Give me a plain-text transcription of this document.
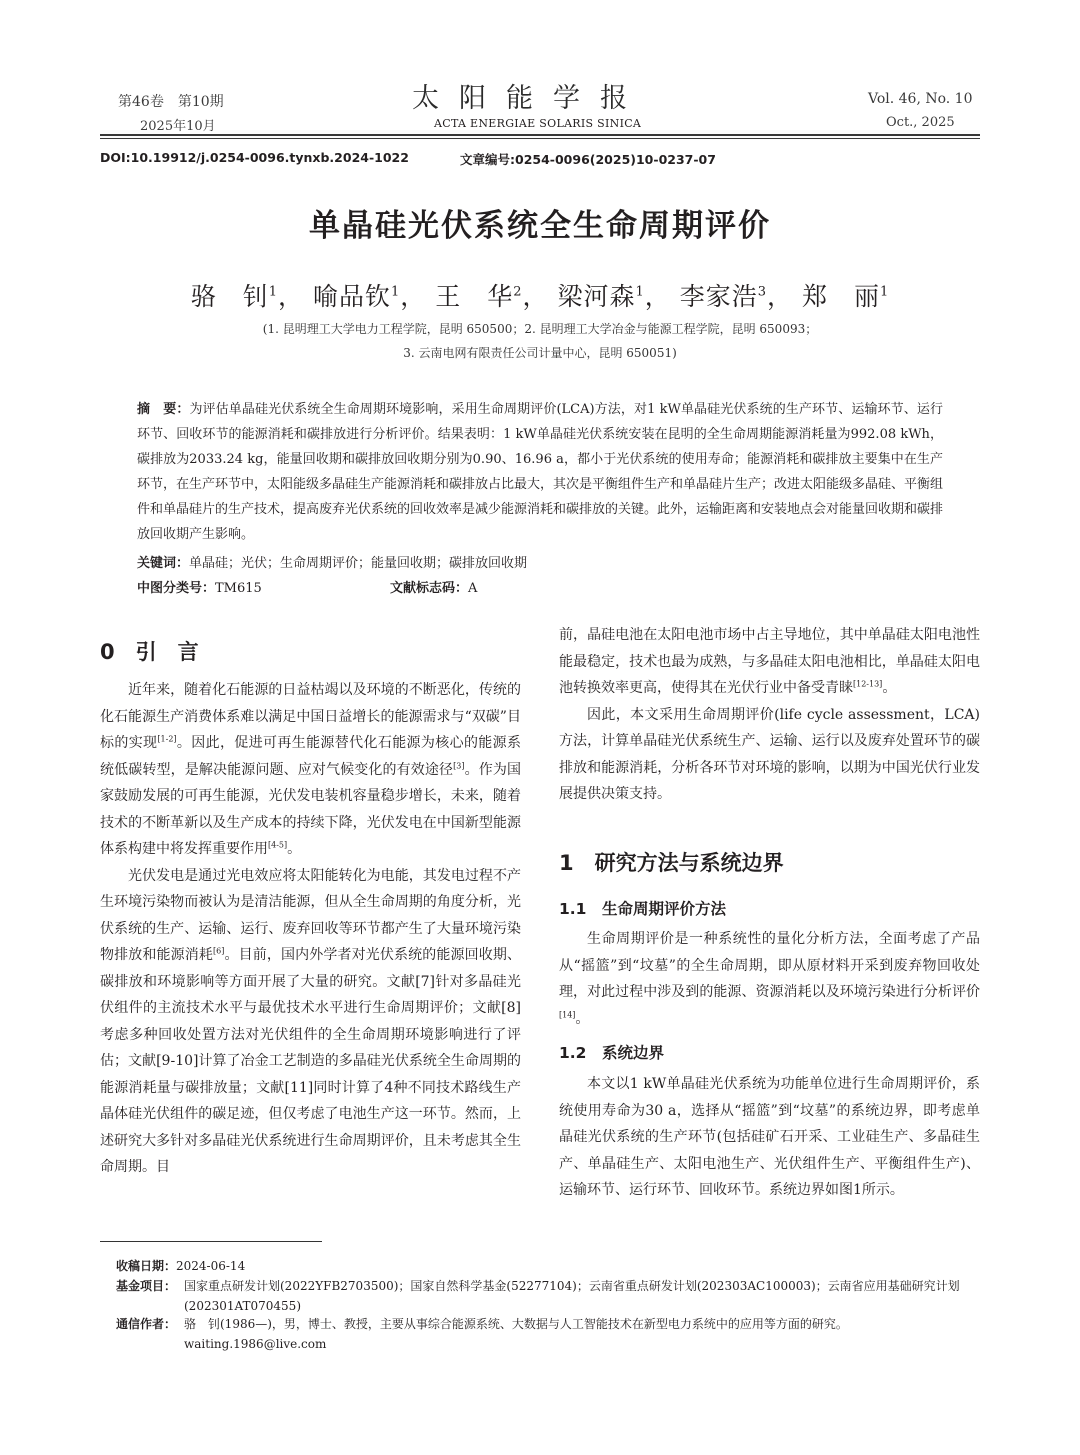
第46卷　第10期
2025年10月
太阳能学报
ACTA ENERGIAE SOLARIS SINICA
Vol. 46, No. 10
Oct., 2025
DOI:10.19912/j.0254-0096.tynxb.2024-1022	文章编号:0254-0096(2025)10-0237-07
单晶硅光伏系统全生命周期评价
骆　钊$^1$， 喻品钦$^1$， 王　华$^2$， 梁河森$^1$， 李家浩$^3$， 郑　丽$^1$
(1. 昆明理工大学电力工程学院，昆明 650500；2. 昆明理工大学冶金与能源工程学院，昆明 650093；
3. 云南电网有限责任公司计量中心，昆明 650051)
摘　要：为评估单晶硅光伏系统全生命周期环境影响，采用生命周期评价(LCA)方法，对1 kW单晶硅光伏系统的生产环节、运输环节、运行环节、回收环节的能源消耗和碳排放进行分析评价。结果表明：1 kW单晶硅光伏系统安装在昆明的全生命周期能源消耗量为992.08 kWh，碳排放为2033.24 kg，能量回收期和碳排放回收期分别为0.90、16.96 a，都小于光伏系统的使用寿命；能源消耗和碳排放主要集中在生产环节，在生产环节中，太阳能级多晶硅生产能源消耗和碳排放占比最大，其次是平衡组件生产和单晶硅片生产；改进太阳能级多晶硅、平衡组件和单晶硅片的生产技术，提高废弃光伏系统的回收效率是减少能源消耗和碳排放的关键。此外，运输距离和安装地点会对能量回收期和碳排放回收期产生影响。
关键词：单晶硅；光伏；生命周期评价；能量回收期；碳排放回收期
中图分类号：TM615	文献标志码：A
0　引　言

近年来，随着化石能源的日益枯竭以及环境的不断恶化，传统的化石能源生产消费体系难以满足中国日益增长的能源需求与“双碳”目标的实现[1-2]。因此，促进可再生能源替代化石能源为核心的能源系统低碳转型，是解决能源问题、应对气候变化的有效途径[3]。作为国家鼓励发展的可再生能源，光伏发电装机容量稳步增长，未来，随着技术的不断革新以及生产成本的持续下降，光伏发电在中国新型能源体系构建中将发挥重要作用[4-5]。

光伏发电是通过光电效应将太阳能转化为电能，其发电过程不产生环境污染物而被认为是清洁能源，但从全生命周期的角度分析，光伏系统的生产、运输、运行、废弃回收等环节都产生了大量环境污染物排放和能源消耗[6]。目前，国内外学者对光伏系统的能源回收期、碳排放和环境影响等方面开展了大量的研究。文献[7]针对多晶硅光伏组件的主流技术水平与最优技术水平进行生命周期评价；文献[8]考虑多种回收处置方法对光伏组件的全生命周期环境影响进行了评估；文献[9-10]计算了冶金工艺制造的多晶硅光伏系统全生命周期的能源消耗量与碳排放量；文献[11]同时计算了4种不同技术路线生产晶体硅光伏组件的碳足迹，但仅考虑了电池生产这一环节。然而，上述研究大多针对多晶硅光伏系统进行生命周期评价，且未考虑其全生命周期。目

前，晶硅电池在太阳电池市场中占主导地位，其中单晶硅太阳电池性能最稳定，技术也最为成熟，与多晶硅太阳电池相比，单晶硅太阳电池转换效率更高，使得其在光伏行业中备受青睐[12-13]。

因此，本文采用生命周期评价(life cycle assessment，LCA)方法，计算单晶硅光伏系统生产、运输、运行以及废弃处置环节的碳排放和能源消耗，分析各环节对环境的影响，以期为中国光伏行业发展提供决策支持。

1　研究方法与系统边界
1.1　生命周期评价方法

生命周期评价是一种系统性的量化分析方法，全面考虑了产品从“摇篮”到“坟墓”的全生命周期，即从原材料开采到废弃物回收处理，对此过程中涉及到的能源、资源消耗以及环境污染进行分析评价[14]。

1.2　系统边界

本文以1 kW单晶硅光伏系统为功能单位进行生命周期评价，系统使用寿命为30 a，选择从“摇篮”到“坟墓”的系统边界，即考虑单晶硅光伏系统的生产环节(包括硅矿石开采、工业硅生产、多晶硅生产、单晶硅生产、太阳电池生产、光伏组件生产、平衡组件生产)、运输环节、运行环节、回收环节。系统边界如图1所示。

收稿日期：2024-06-14
基金项目： 国家重点研发计划(2022YFB2703500)；国家自然科学基金(52277104)；云南省重点研发计划(202303AC100003)；云南省应用基础研究计划(202301AT070455)
通信作者： 骆　钊(1986—)，男，博士、教授，主要从事综合能源系统、大数据与人工智能技术在新型电力系统中的应用等方面的研究。
waiting.1986@live.com
